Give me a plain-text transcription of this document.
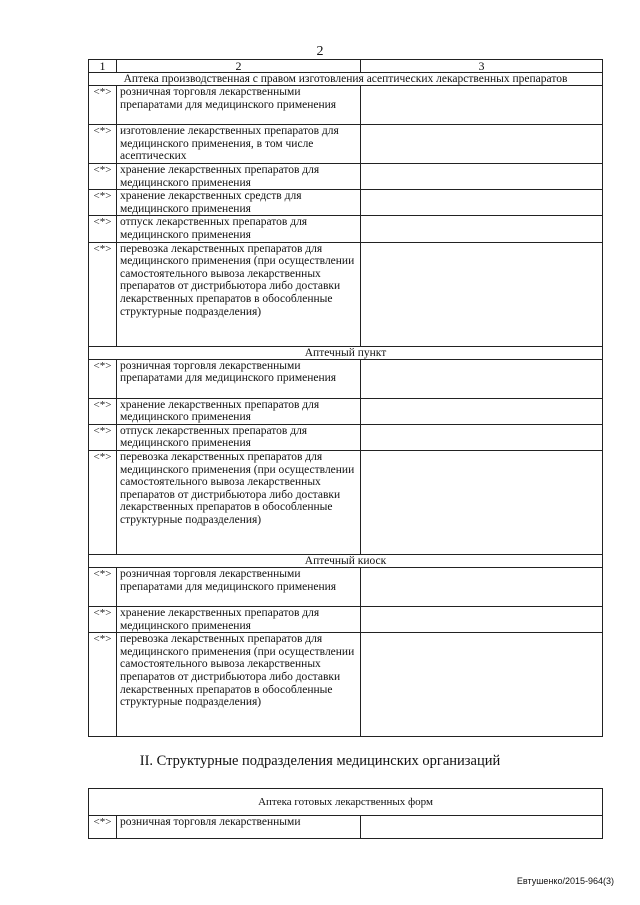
2
1	2	3
Аптека производственная с правом изготовления асептических лекарственных препаратов		
<*>	розничная торговля лекарственными препаратами для медицинского применения	
<*>	изготовление лекарственных препаратов для медицинского применения, в том числе асептических	
<*>	хранение лекарственных препаратов для медицинского применения	
<*>	хранение лекарственных средств для медицинского применения	
<*>	отпуск лекарственных препаратов для медицинского применения	
<*>	перевозка лекарственных препаратов для медицинского применения (при осуществлении самостоятельного вывоза лекарственных препаратов от дистрибьютора либо доставки лекарственных препаратов в обособленные структурные подразделения)	
Аптечный пункт		
<*>	розничная торговля лекарственными препаратами для медицинского применения	
<*>	хранение лекарственных препаратов для медицинского применения	
<*>	отпуск лекарственных препаратов для медицинского применения	
<*>	перевозка лекарственных препаратов для медицинского применения (при осуществлении самостоятельного вывоза лекарственных препаратов от дистрибьютора либо доставки лекарственных препаратов в обособленные структурные подразделения)	
Аптечный киоск		
<*>	розничная торговля лекарственными препаратами для медицинского применения	
<*>	хранение лекарственных препаратов для медицинского применения	
<*>	перевозка лекарственных препаратов для медицинского применения (при осуществлении самостоятельного вывоза лекарственных препаратов от дистрибьютора либо доставки лекарственных препаратов в обособленные структурные подразделения)	
II. Структурные подразделения медицинских организаций
Аптека готовых лекарственных форм
<*>	розничная торговля лекарственными	
Евтушенко/2015-964(3)
